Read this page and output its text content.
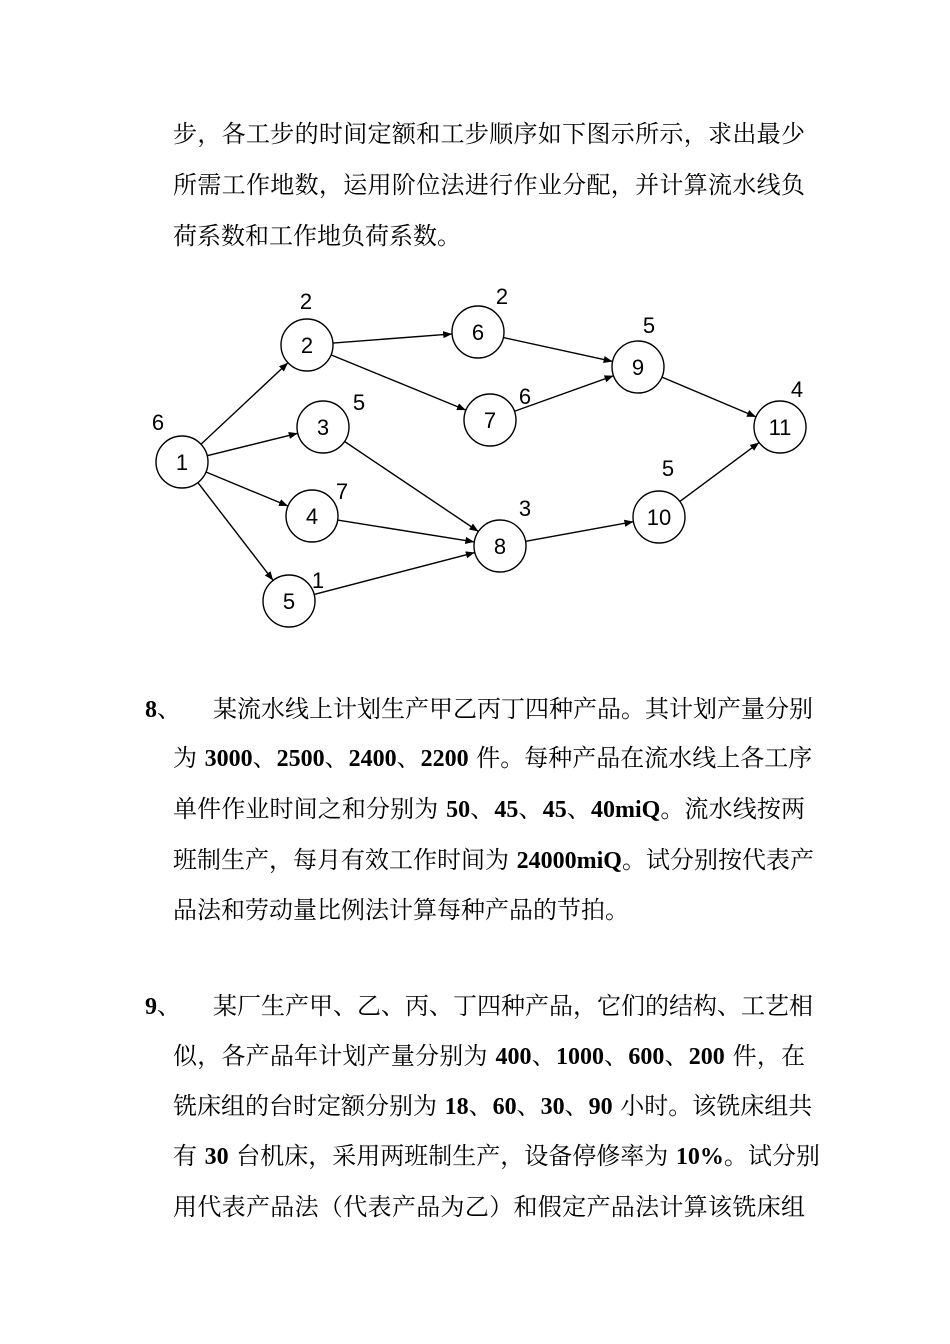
步，各工步的时间定额和工步顺序如下图示所示，求出最少
所需工作地数，运用阶位法进行作业分配，并计算流水线负
荷系数和工作地负荷系数。
1
6
2
2
3
5
4
7
5
1
6
2
7
6
8
3
9
5
10
5
11
4
8、 某流水线上计划生产甲乙丙丁四种产品。其计划产量分别
为 3000、2500、2400、2200 件。每种产品在流水线上各工序
单件作业时间之和分别为 50、45、45、40miQ。流水线按两
班制生产，每月有效工作时间为 24000miQ。试分别按代表产
品法和劳动量比例法计算每种产品的节拍。
9、 某厂生产甲、乙、丙、丁四种产品，它们的结构、工艺相
似，各产品年计划产量分别为 400、1000、600、200 件，在
铣床组的台时定额分别为 18、60、30、90 小时。该铣床组共
有 30 台机床，采用两班制生产，设备停修率为 10%。试分别
用代表产品法（代表产品为乙）和假定产品法计算该铣床组
